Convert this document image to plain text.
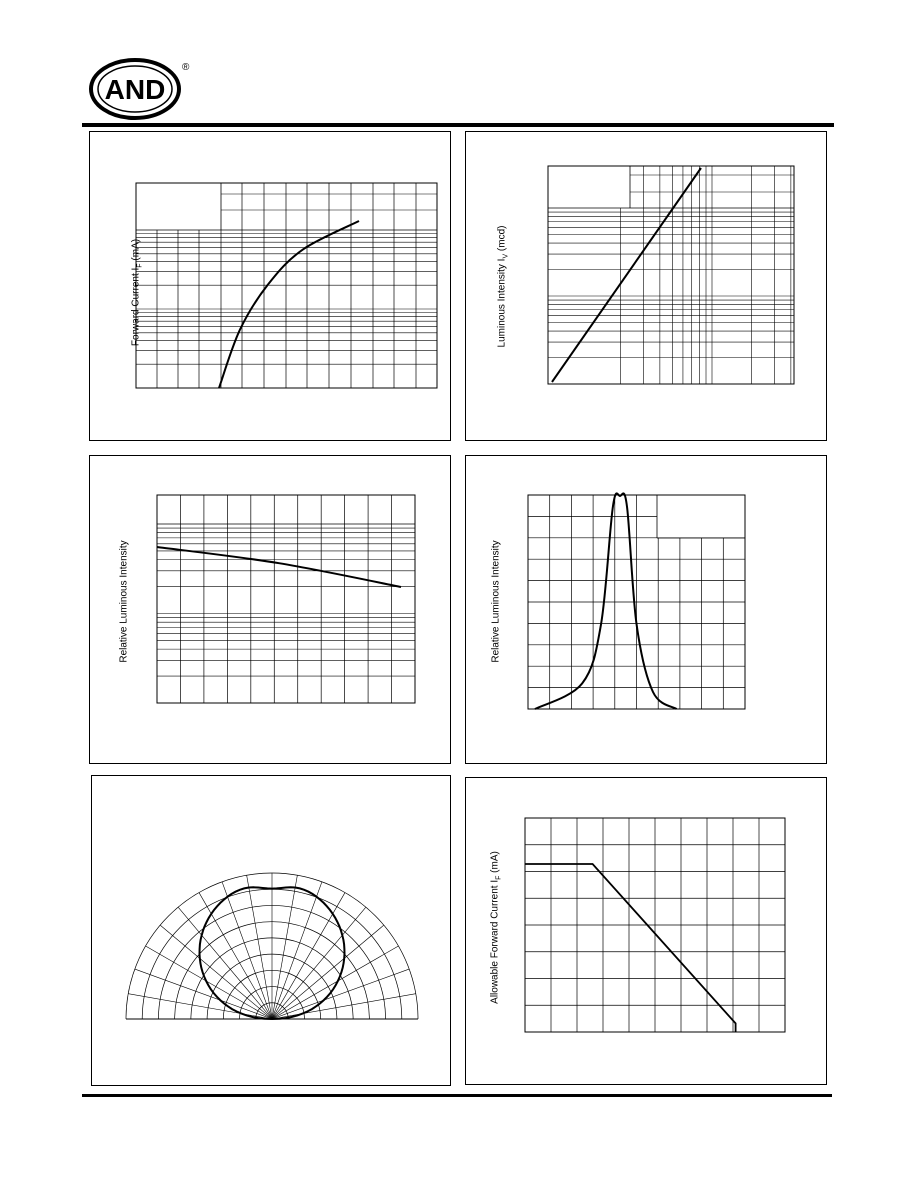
AND
®
Forward Current $I_F$ (mA)
Luminous Intensity $I_V$ (mcd)
Relative Luminous Intensity	Relative Luminous Intensity
Allowable Forward Current $I_F$ (mA)
